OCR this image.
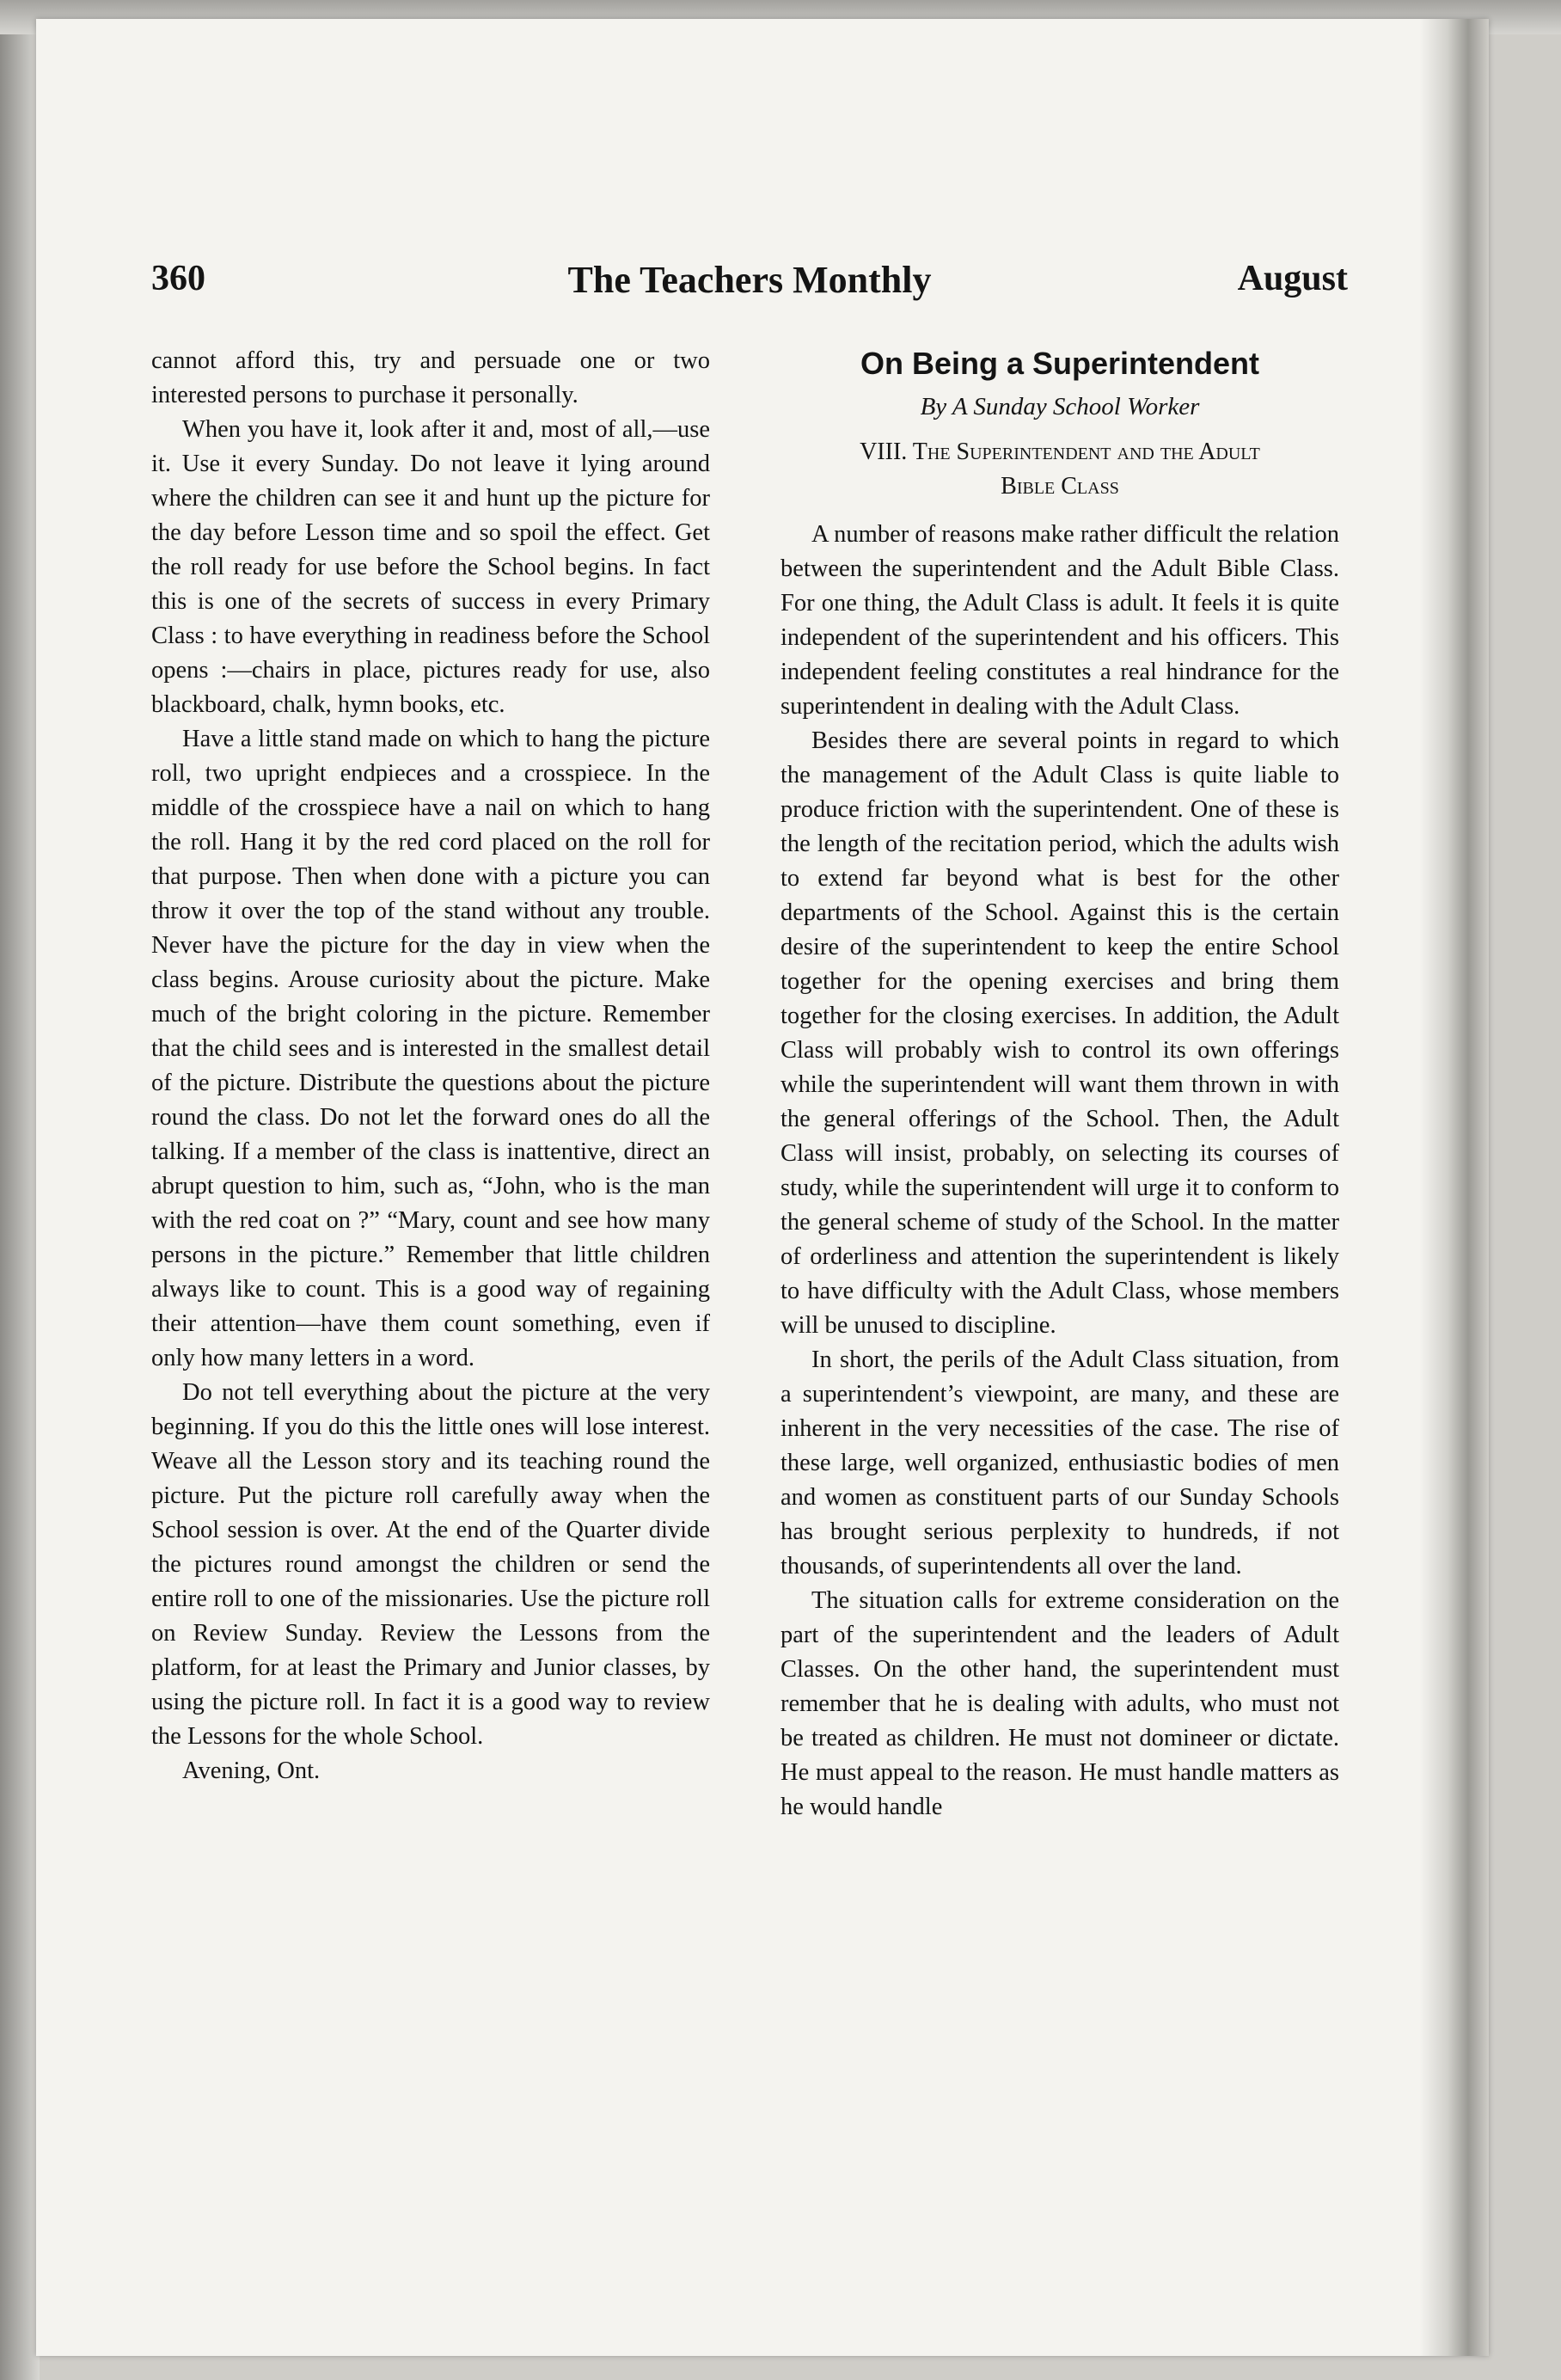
360	The Teachers Monthly	August

cannot afford this, try and persuade one or two interested persons to purchase it personally.

When you have it, look after it and, most of all,—use it. Use it every Sunday. Do not leave it lying around where the children can see it and hunt up the picture for the day before Lesson time and so spoil the effect. Get the roll ready for use before the School begins. In fact this is one of the secrets of success in every Primary Class : to have everything in readiness before the School opens :—chairs in place, pictures ready for use, also blackboard, chalk, hymn books, etc.

Have a little stand made on which to hang the picture roll, two upright endpieces and a crosspiece. In the middle of the crosspiece have a nail on which to hang the roll. Hang it by the red cord placed on the roll for that purpose. Then when done with a picture you can throw it over the top of the stand without any trouble. Never have the picture for the day in view when the class begins. Arouse curiosity about the picture. Make much of the bright coloring in the picture. Remember that the child sees and is interested in the smallest detail of the picture. Distribute the questions about the picture round the class. Do not let the forward ones do all the talking. If a member of the class is inattentive, direct an abrupt question to him, such as, “John, who is the man with the red coat on ?” “Mary, count and see how many persons in the picture.” Remember that little children always like to count. This is a good way of regaining their attention—have them count something, even if only how many letters in a word.

Do not tell everything about the picture at the very beginning. If you do this the little ones will lose interest. Weave all the Lesson story and its teaching round the picture. Put the picture roll carefully away when the School session is over. At the end of the Quarter divide the pictures round amongst the children or send the entire roll to one of the missionaries. Use the picture roll on Review Sunday. Review the Lessons from the platform, for at least the Primary and Junior classes, by using the picture roll. In fact it is a good way to review the Lessons for the whole School.

Avening, Ont.

On Being a Superintendent
By A Sunday School Worker
VIII. The Superintendent and the Adult
Bible Class

A number of reasons make rather difficult the relation between the superintendent and the Adult Bible Class. For one thing, the Adult Class is adult. It feels it is quite independent of the superintendent and his officers. This independent feeling constitutes a real hindrance for the superintendent in dealing with the Adult Class.

Besides there are several points in regard to which the management of the Adult Class is quite liable to produce friction with the superintendent. One of these is the length of the recitation period, which the adults wish to extend far beyond what is best for the other departments of the School. Against this is the certain desire of the superintendent to keep the entire School together for the opening exercises and bring them together for the closing exercises. In addition, the Adult Class will probably wish to control its own offerings while the superintendent will want them thrown in with the general offerings of the School. Then, the Adult Class will insist, probably, on selecting its courses of study, while the superintendent will urge it to conform to the general scheme of study of the School. In the matter of orderliness and attention the superintendent is likely to have difficulty with the Adult Class, whose members will be unused to discipline.

In short, the perils of the Adult Class situation, from a superintendent’s viewpoint, are many, and these are inherent in the very necessities of the case. The rise of these large, well organized, enthusiastic bodies of men and women as constituent parts of our Sunday Schools has brought serious perplexity to hundreds, if not thousands, of superintendents all over the land.

The situation calls for extreme consideration on the part of the superintendent and the leaders of Adult Classes. On the other hand, the superintendent must remember that he is dealing with adults, who must not be treated as children. He must not domineer or dictate. He must appeal to the reason. He must handle matters as he would handle
